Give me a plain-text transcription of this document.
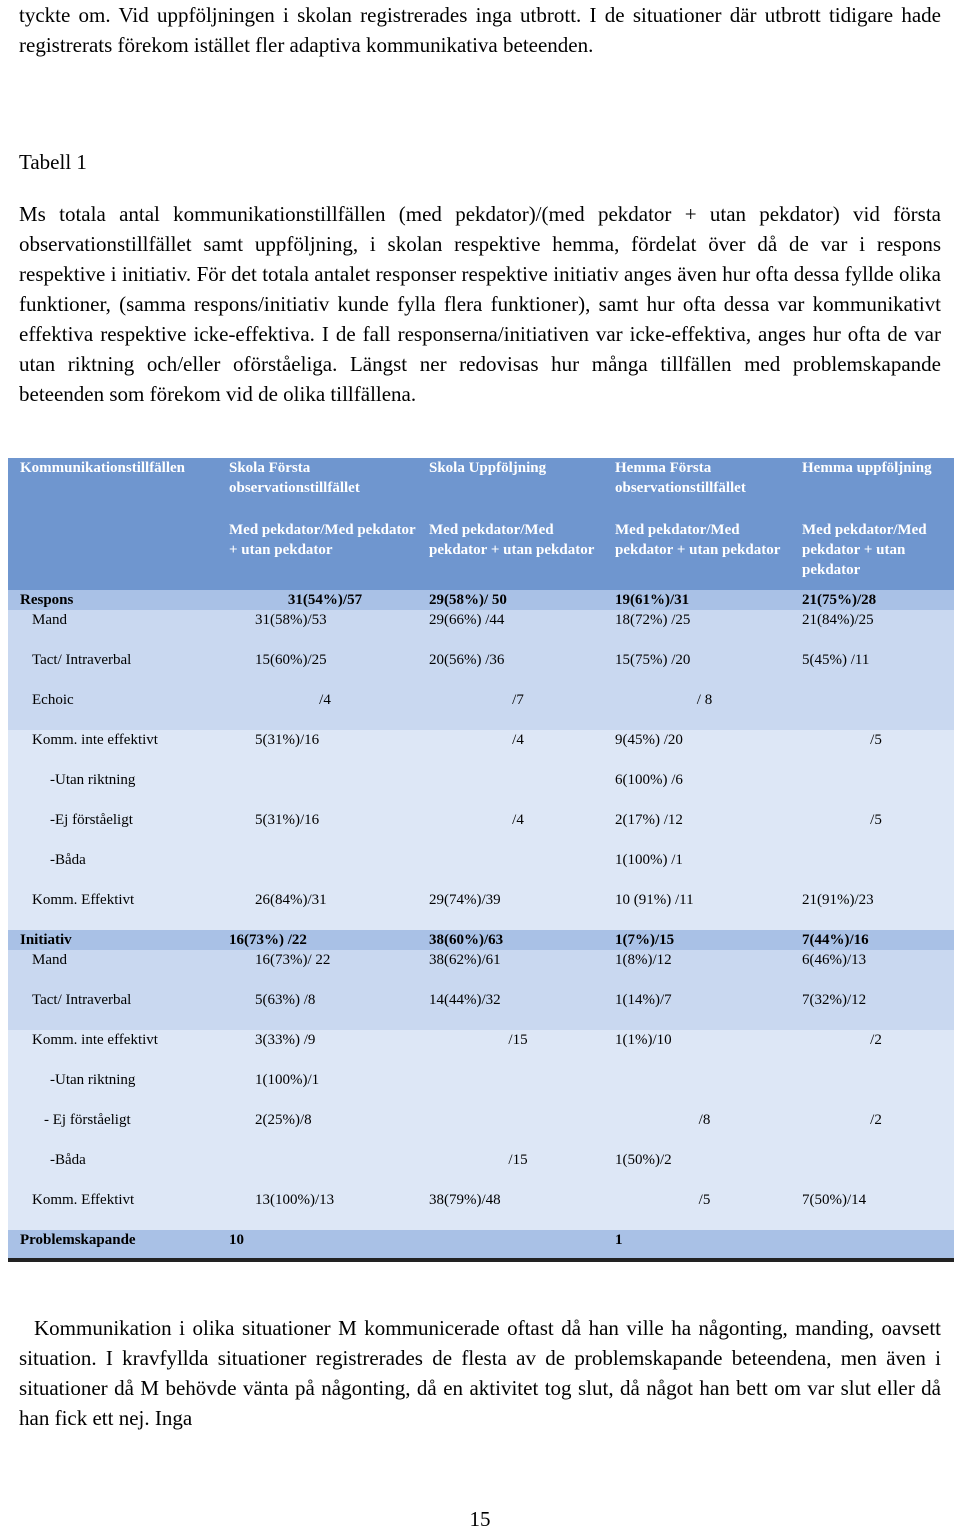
tyckte om. Vid uppföljningen i skolan registrerades inga utbrott. I de situationer där utbrott tidigare hade registrerats förekom istället fler adaptiva kommunikativa beteenden.

Tabell 1

Ms totala antal kommunikationstillfällen (med pekdator)/(med pekdator + utan pekdator) vid första observationstillfället samt uppföljning, i skolan respektive hemma, fördelat över då de var i respons respektive i initiativ. För det totala antalet responser respektive initiativ anges även hur ofta dessa fyllde olika funktioner, (samma respons/initiativ kunde fylla flera funktioner), samt hur ofta dessa var kommunikativt effektiva respektive icke-effektiva. I de fall responserna/initiativen var icke-effektiva, anges hur ofta de var utan riktning och/eller oförståeliga. Längst ner redovisas hur många tillfällen med problemskapande beteenden som förekom vid de olika tillfällena.

Kommunikationstillfällen	Skola Första observationstillfället	Skola Uppföljning	Hemma Första observationstillfället	Hemma uppföljning
	Med pekdator/Med pekdator + utan pekdator	Med pekdator/Med pekdator + utan pekdator	Med pekdator/Med pekdator + utan pekdator	Med pekdator/Med pekdator + utan pekdator
Respons	31(54%)/57	29(58%)/ 50	19(61%)/31	21(75%)/28
Mand	31(58%)/53	29(66%) /44	18(72%) /25	21(84%)/25
Tact/ Intraverbal	15(60%)/25	20(56%) /36	15(75%) /20	5(45%) /11
Echoic	/4	/7	/ 8	
Komm. inte effektivt	5(31%)/16	/4	9(45%) /20	/5
-Utan riktning			6(100%) /6	
-Ej förståeligt	5(31%)/16	/4	2(17%) /12	/5
-Båda			1(100%) /1	
Komm. Effektivt	26(84%)/31	29(74%)/39	10 (91%) /11	21(91%)/23
Initiativ	16(73%) /22	38(60%)/63	1(7%)/15	7(44%)/16
Mand	16(73%)/ 22	38(62%)/61	1(8%)/12	6(46%)/13
Tact/ Intraverbal	5(63%) /8	14(44%)/32	1(14%)/7	7(32%)/12
Komm. inte effektivt	3(33%) /9	/15	1(1%)/10	/2
-Utan riktning	1(100%)/1			
- Ej förståeligt	2(25%)/8		/8	/2
-Båda		/15	1(50%)/2	
Komm. Effektivt	13(100%)/13	38(79%)/48	/5	7(50%)/14
Problemskapande	10		1	

Kommunikation i olika situationer M kommunicerade oftast då han ville ha någonting, manding, oavsett situation. I kravfyllda situationer registrerades de flesta av de problemskapande beteendena, men även i situationer då M behövde vänta på någonting, då en aktivitet tog slut, då något han bett om var slut eller då han fick ett nej. Inga

15
